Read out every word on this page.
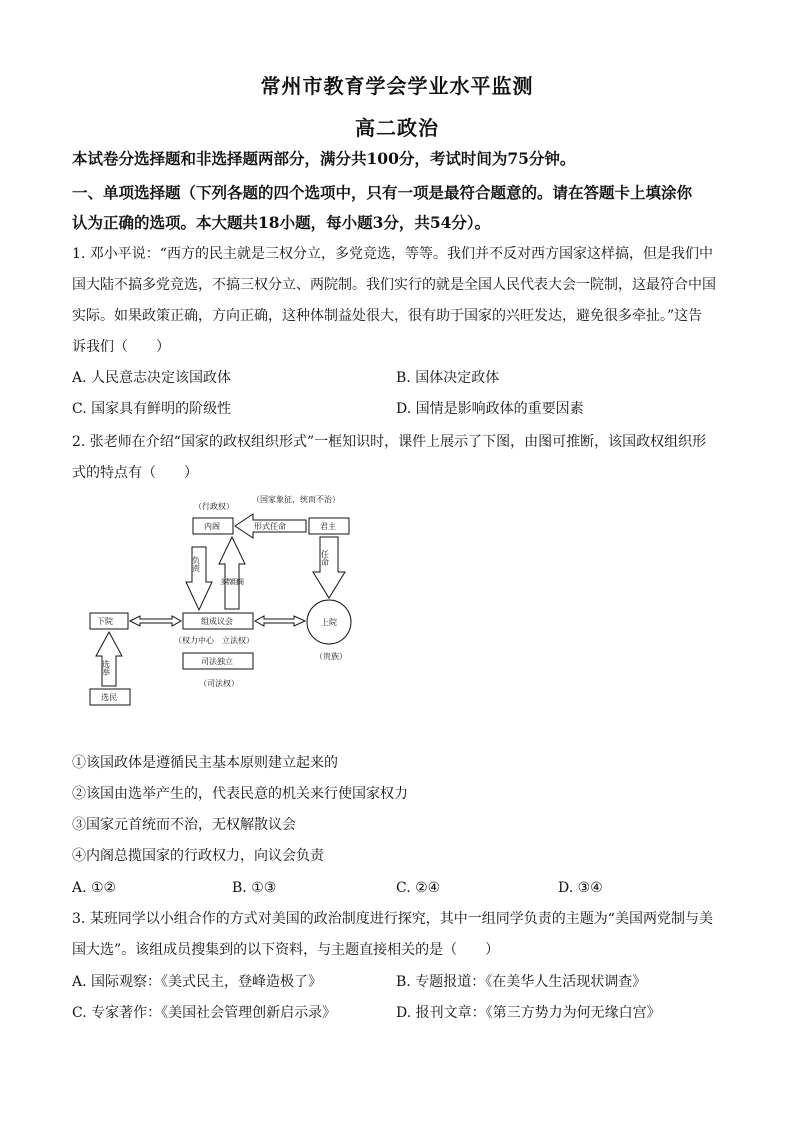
常州市教育学会学业水平监测
高二政治
本试卷分选择题和非选择题两部分，满分共100分，考试时间为75分钟。
一、单项选择题（下列各题的四个选项中，只有一项是最符合题意的。请在答题卡上填涂你
认为正确的选项。本大题共18小题，每小题3分，共54分）。
1. 邓小平说：“西方的民主就是三权分立，多党竞选，等等。我们并不反对西方国家这样搞，但是我们中
国大陆不搞多党竞选，不搞三权分立、两院制。我们实行的就是全国人民代表大会一院制，这最符合中国
实际。如果政策正确，方向正确，这种体制益处很大，很有助于国家的兴旺发达，避免很多牵扯。”这告
诉我们（　　）
A. 人民意志决定该国政体	B. 国体决定政体
C. 国家具有鲜明的阶级性	D. 国情是影响政体的重要因素
2. 张老师在介绍“国家的政权组织形式”一框知识时，课件上展示了下图，由图可推断，该国政权组织形
式的特点有（　　）
（行政权）
（国家象征，统而不治）
内阁	形式任命	君主
任命
负责
多数组阁
下院	组成议会	上院
（权力中心　立法权）
（贵族）
司法独立
选举
（司法权）
选民
①该国政体是遵循民主基本原则建立起来的
②该国由选举产生的，代表民意的机关来行使国家权力
③国家元首统而不治，无权解散议会
④内阁总揽国家的行政权力，向议会负责
A. ①②	B. ①③	C. ②④	D. ③④
3. 某班同学以小组合作的方式对美国的政治制度进行探究，其中一组同学负责的主题为“美国两党制与美
国大选”。该组成员搜集到的以下资料，与主题直接相关的是（　　）
A. 国际观察：《美式民主，登峰造极了》	B. 专题报道：《在美华人生活现状调查》
C. 专家著作：《美国社会管理创新启示录》	D. 报刊文章：《第三方势力为何无缘白宫》
